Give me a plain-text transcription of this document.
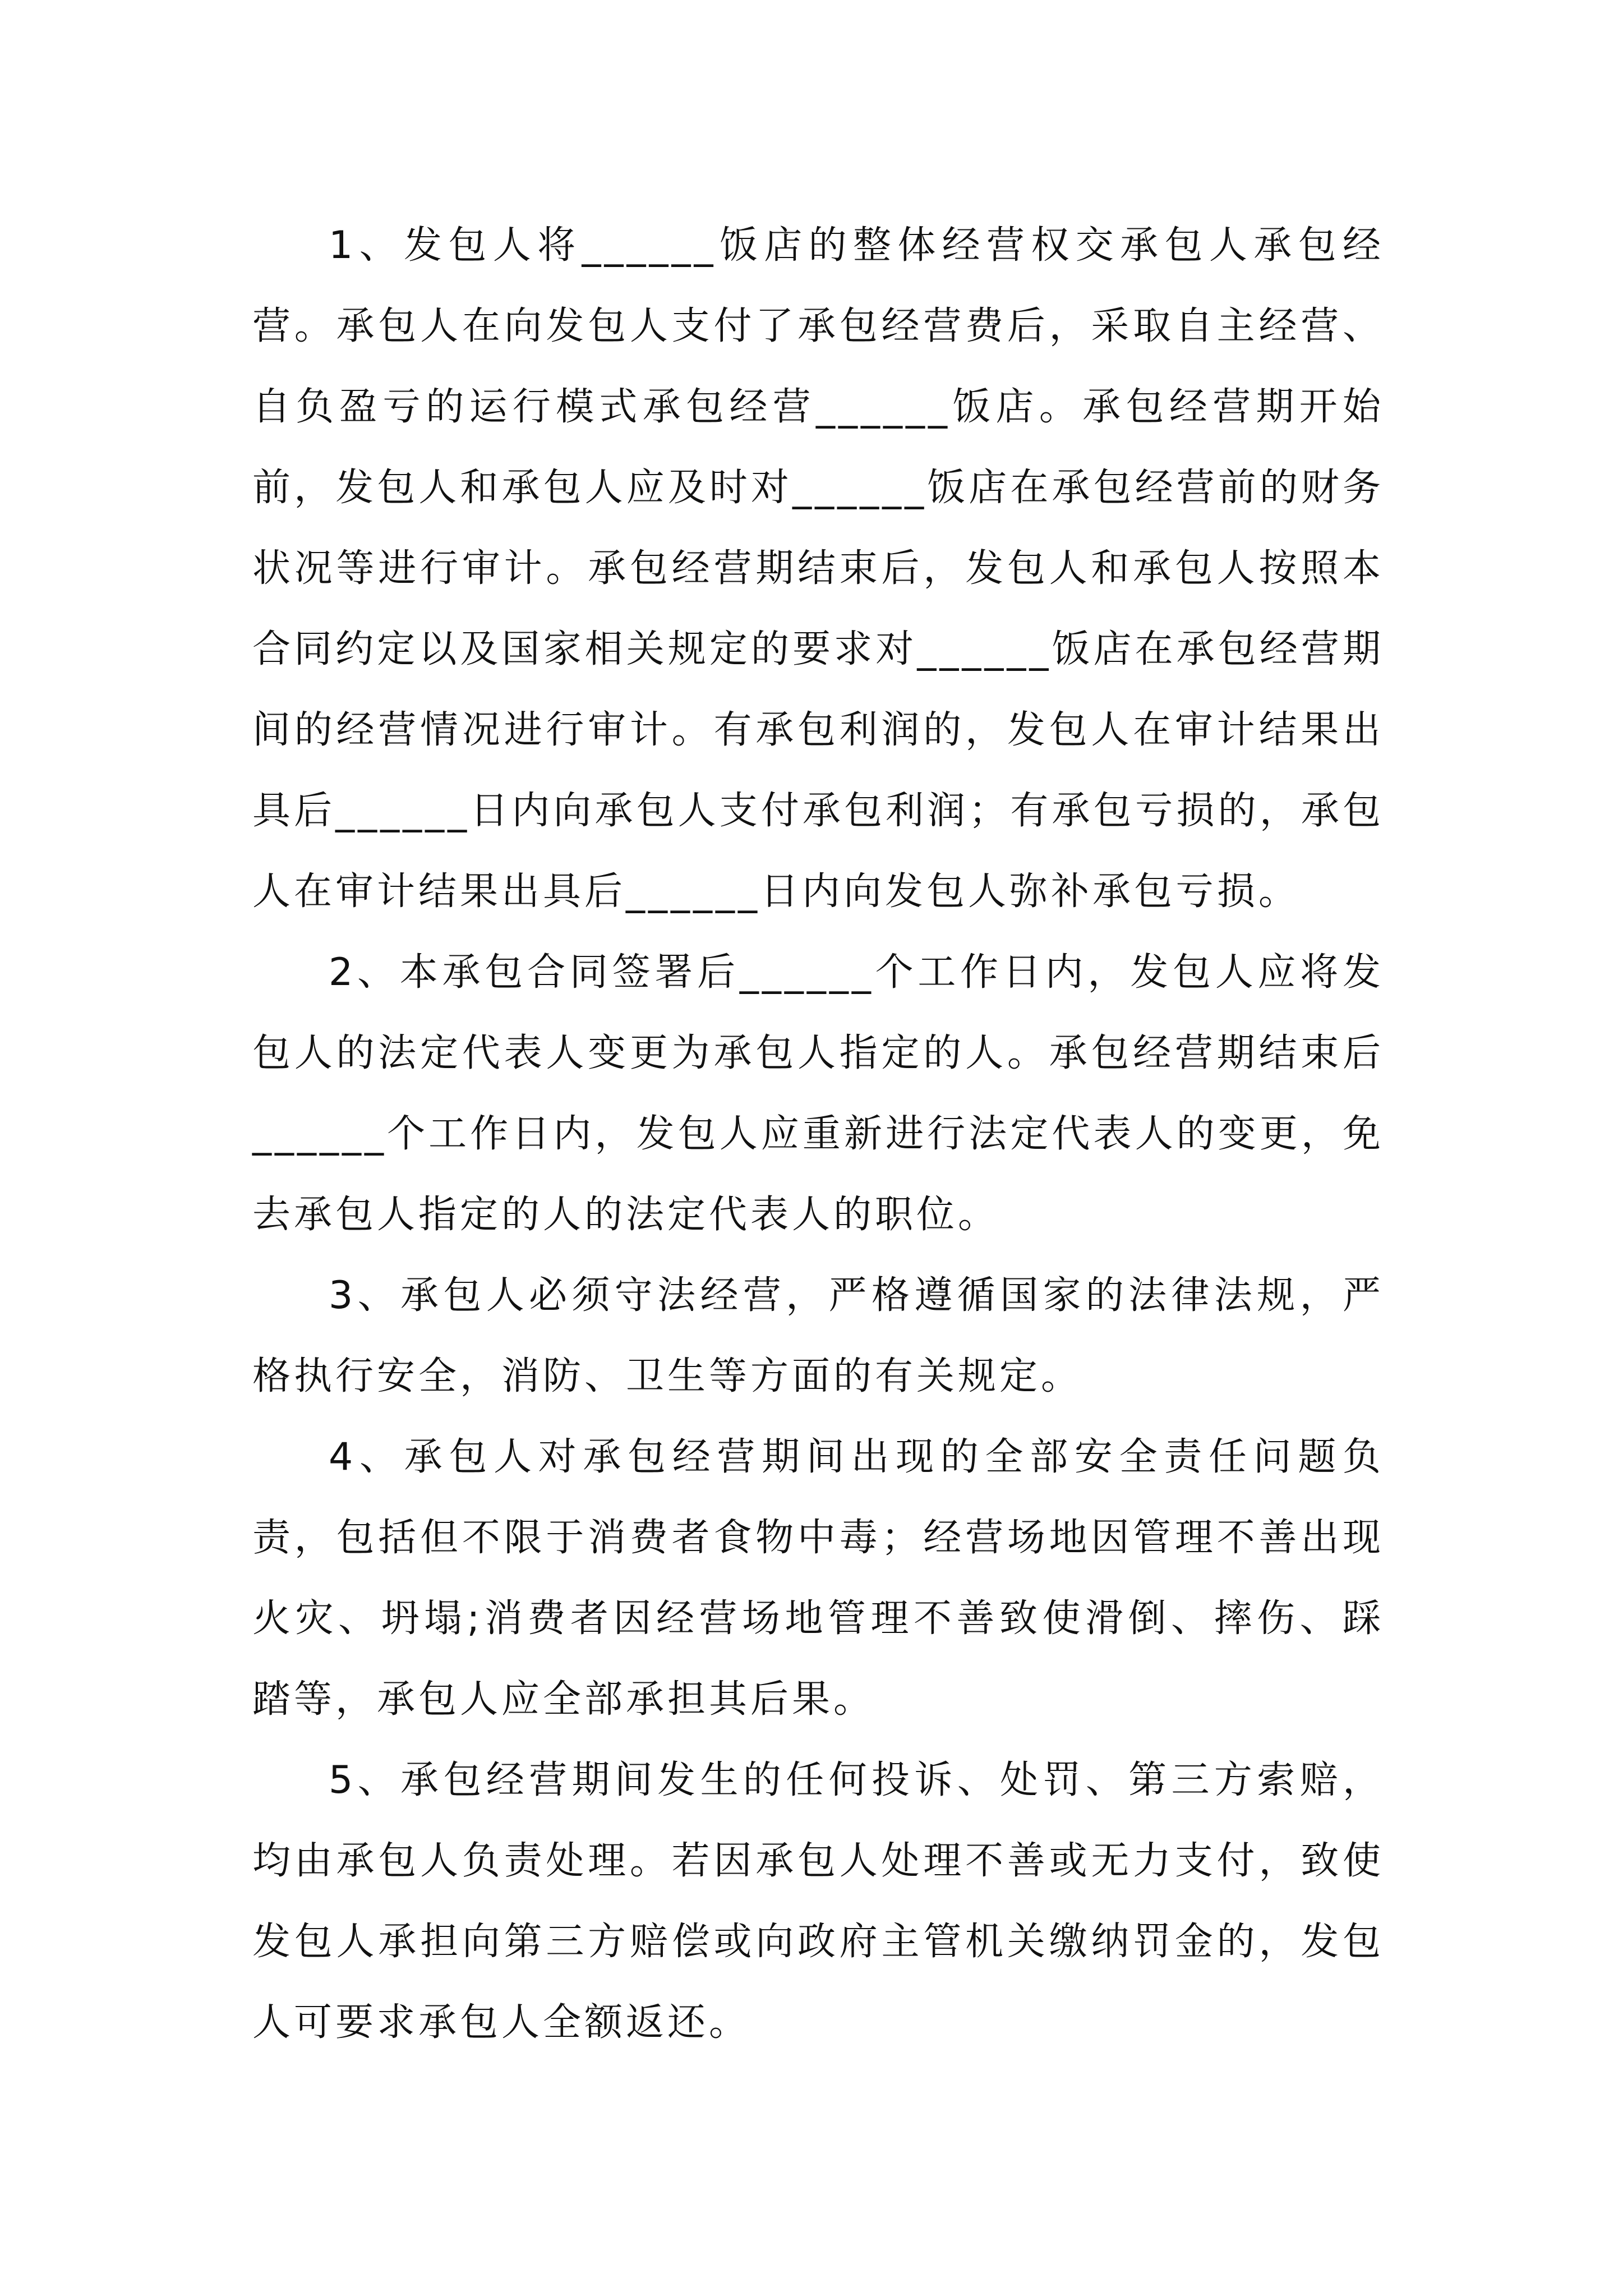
1、发包人将______饭店的整体经营权交承包人承包经营。承包人在向发包人支付了承包经营费后，采取自主经营、自负盈亏的运行模式承包经营______饭店。承包经营期开始前，发包人和承包人应及时对______饭店在承包经营前的财务状况等进行审计。承包经营期结束后，发包人和承包人按照本合同约定以及国家相关规定的要求对______饭店在承包经营期间的经营情况进行审计。有承包利润的，发包人在审计结果出具后______日内向承包人支付承包利润；有承包亏损的，承包人在审计结果出具后______日内向发包人弥补承包亏损。

2、本承包合同签署后______个工作日内，发包人应将发包人的法定代表人变更为承包人指定的人。承包经营期结束后______个工作日内，发包人应重新进行法定代表人的变更，免去承包人指定的人的法定代表人的职位。

3、承包人必须守法经营，严格遵循国家的法律法规，严格执行安全，消防、卫生等方面的有关规定。

4、承包人对承包经营期间出现的全部安全责任问题负责，包括但不限于消费者食物中毒；经营场地因管理不善出现火灾、坍塌;消费者因经营场地管理不善致使滑倒、摔伤、踩踏等，承包人应全部承担其后果。

5、承包经营期间发生的任何投诉、处罚、第三方索赔，均由承包人负责处理。若因承包人处理不善或无力支付，致使发包人承担向第三方赔偿或向政府主管机关缴纳罚金的，发包人可要求承包人全额返还。
